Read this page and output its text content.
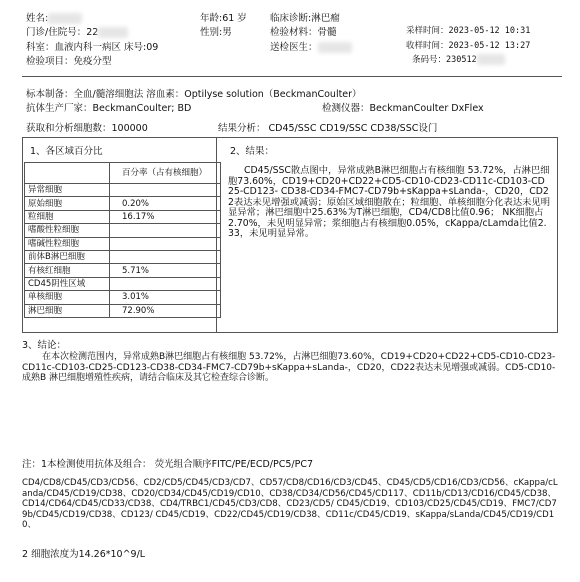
姓名:
门诊/住院号：22
科室：血液内科一病区 床号:09
检验项目：免疫分型
年龄:61 岁
性别:男
临床诊断:淋巴瘤
检验材料：骨髓
送检医生：
采样时间：2023-05-12 10:31
收样时间：2023-05-12 13:27
条码号：230512
标本制备：全血/髓溶细胞法 溶血素：Optilyse solution（BeckmanCoulter）
抗体生产厂家：BeckmanCoulter; BD	检测仪器：BeckmanCoulter DxFlex
获取和分析细胞数：100000	结果分析： CD45/SSC CD19/SSC CD38/SSC设门
1、各区域百分比	2、结果：
	百分率（占有核细胞）
异常细胞	
原始细胞	0.20%
粒细胞	16.17%
嗜酸性粒细胞	
嗜碱性粒细胞	
前体B淋巴细胞	
有核红细胞	5.71%
CD45阴性区域	
单核细胞	3.01%
淋巴细胞	72.90%
CD45/SSC散点图中，异常成熟B淋巴细胞占有核细胞 53.72%，占淋巴细胞73.60%，CD19+CD20+CD22+CD5-CD10-CD23-CD11c-CD103-CD25-CD123- CD38-CD34-FMC7-CD79b+sKappa+sLanda-，CD20，CD22表达未见增强或减弱；原始区域细胞散在；粒细胞、单核细胞分化表达未见明显异常；淋巴细胞中25.63%为T淋巴细胞，CD4/CD8比值0.96； NK细胞占2.70%，未见明显异常；浆细胞占有核细胞0.05%，cKappa/cLamda比值2.33，未见明显异常。
3、结论：
在本次检测范围内，异常成熟B淋巴细胞占有核细胞 53.72%，占淋巴细胞73.60%，CD19+CD20+CD22+CD5-CD10-CD23-CD11c-CD103-CD25-CD123-CD38-CD34-FMC7-CD79b+sKappa+sLanda-，CD20，CD22表达未见增强或减弱。CD5-CD10-成熟B 淋巴细胞增殖性疾病，请结合临床及其它检查综合诊断。
注：1本检测使用抗体及组合： 荧光组合顺序FITC/PE/ECD/PC5/PC7
CD4/CD8/CD45/CD3/CD56、CD2/CD5/CD45/CD3/CD7、CD57/CD8/CD16/CD3/CD45、CD45/CD5/CD16/CD3/CD56、cKappa/cLanda/CD45/CD19/CD38、CD20/CD34/CD45/CD19/CD10、CD38/CD34/CD56/CD45/CD117、CD11b/CD13/CD16/CD45/CD38、CD14/CD64/CD45/CD33/CD38、CD4/TRBC1/CD45/CD3/CD8、CD23/CD5/ CD45/CD19、CD103/CD25/CD45/CD19、FMC7/CD79b/CD45/CD19/CD38、CD123/ CD45/CD19、CD22/CD45/CD19/CD38、CD11c/CD45/CD19、sKappa/sLanda/CD45/CD19/CD10、
2 细胞浓度为14.26*10^9/L
